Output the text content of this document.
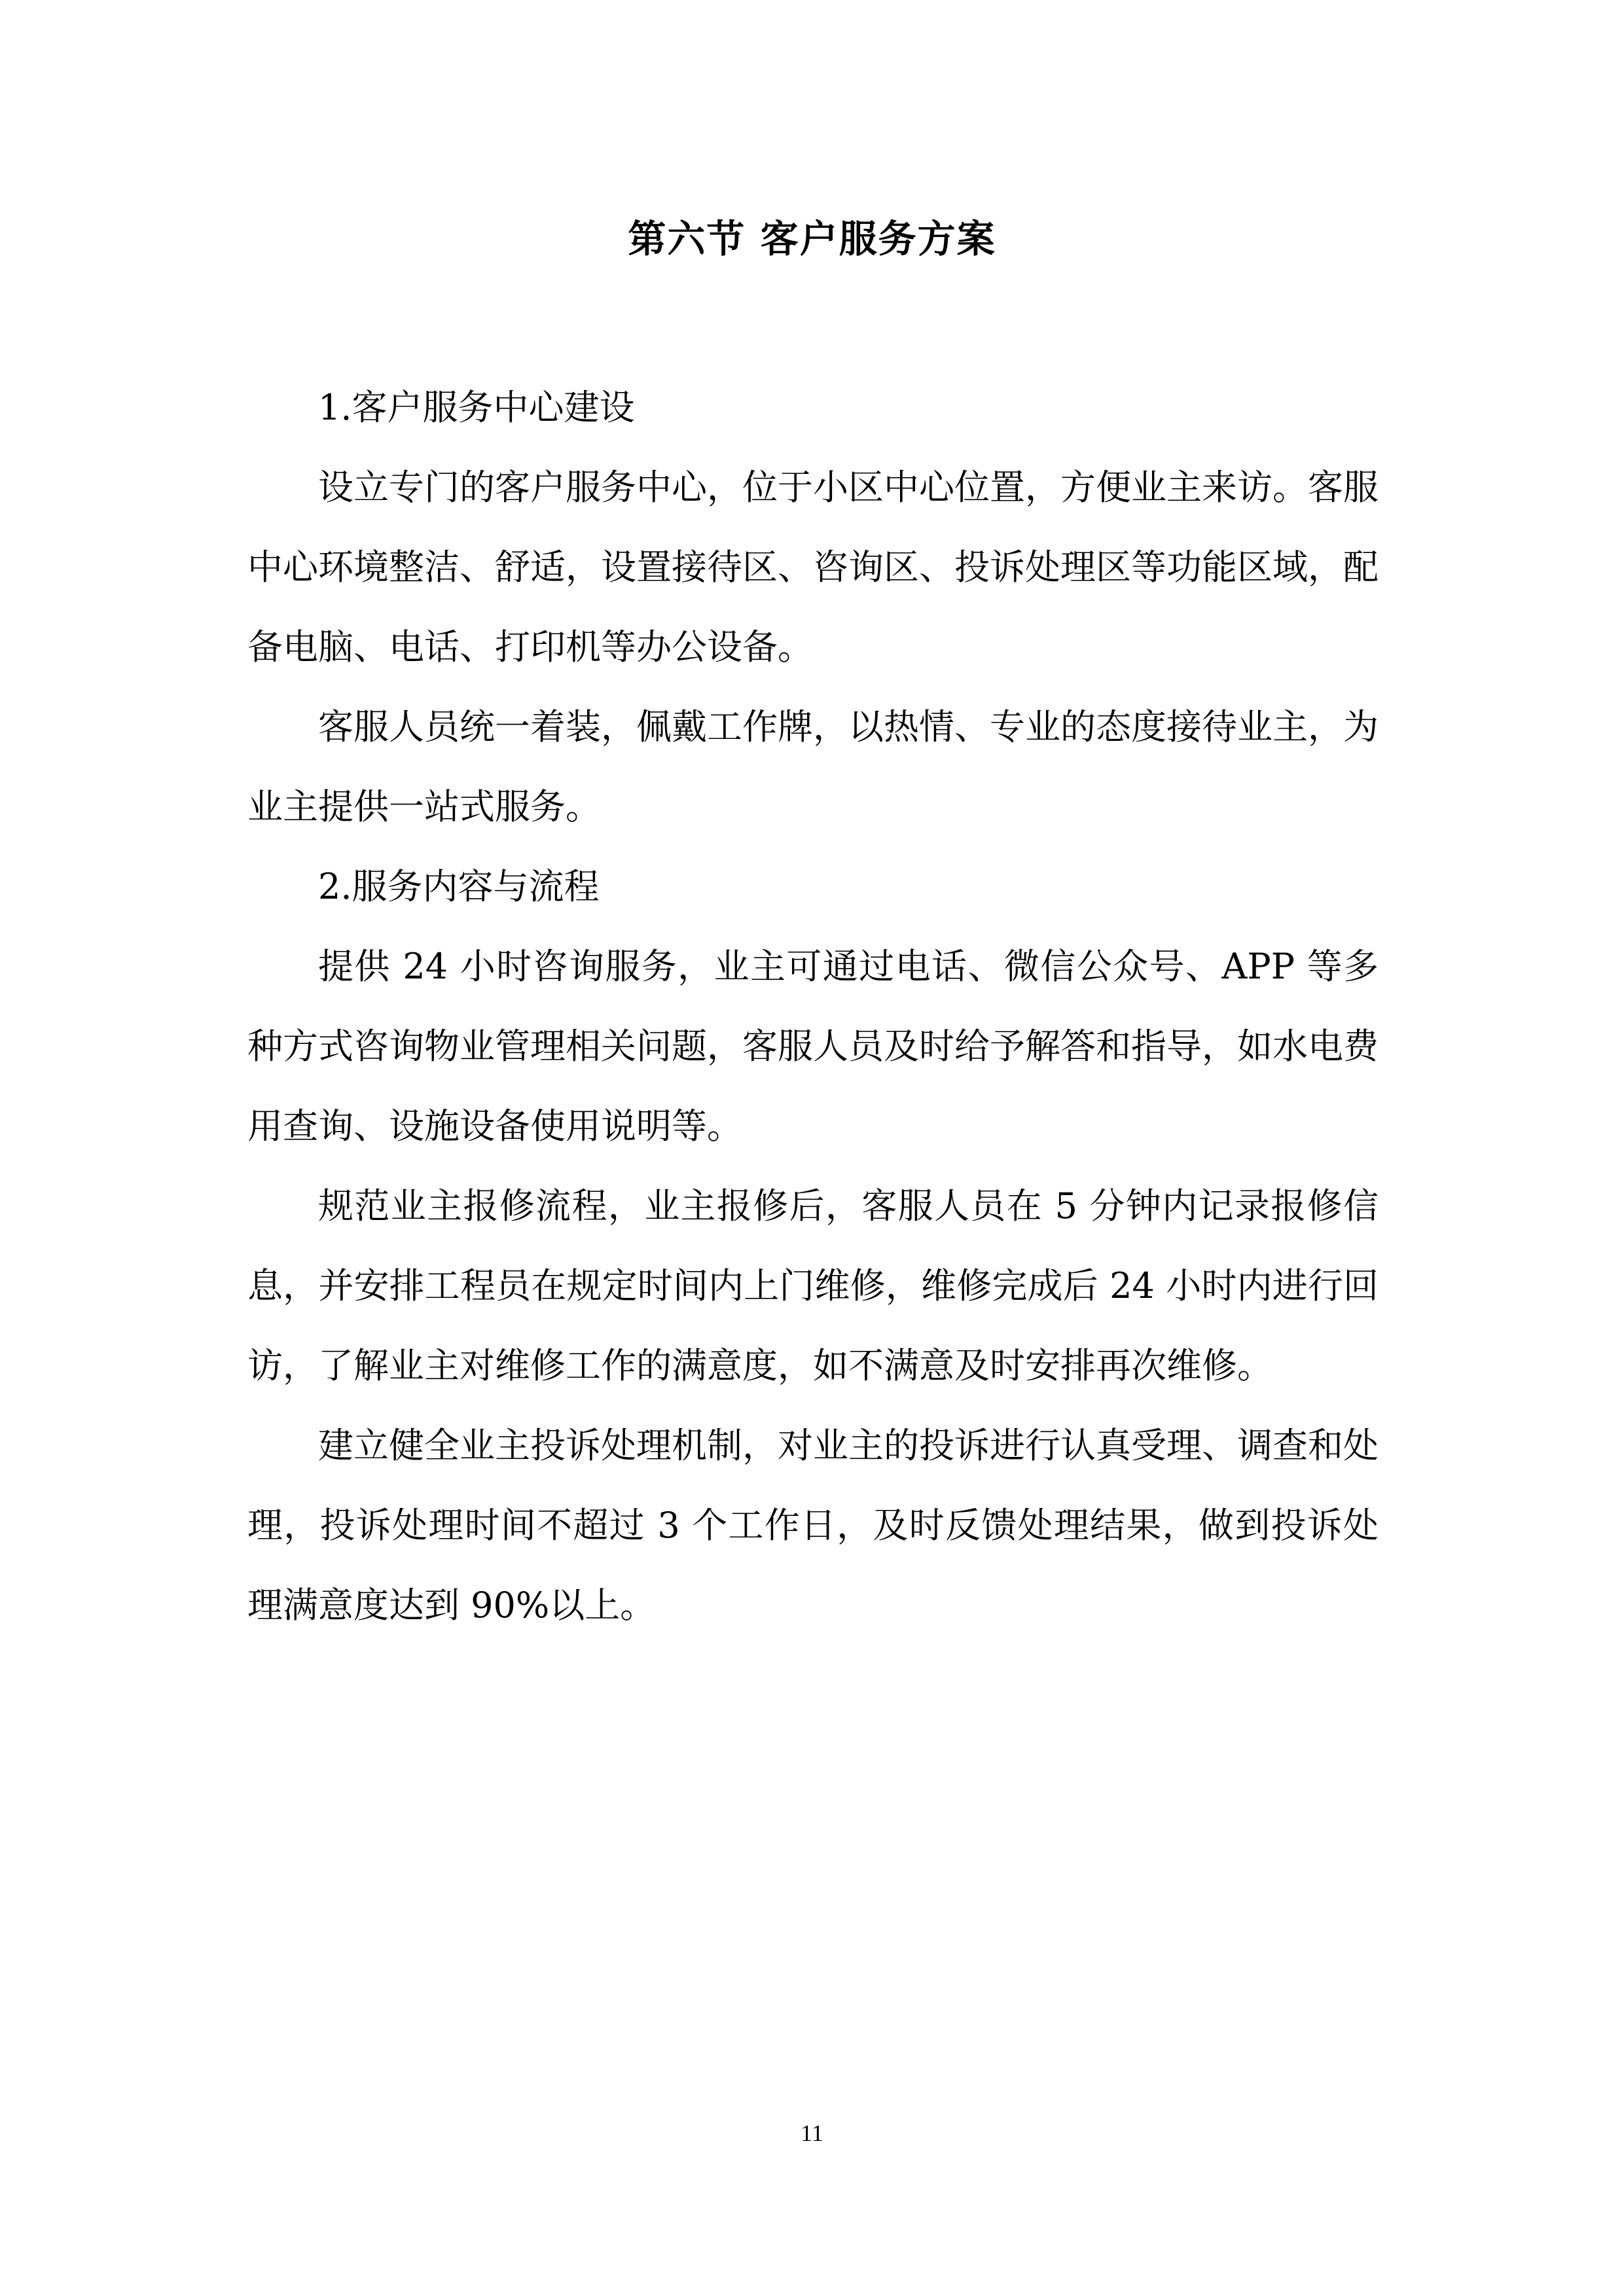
第六节 客户服务方案

1.客户服务中心建设

设立专门的客户服务中心，位于小区中心位置，方便业主来访。客服中心环境整洁、舒适，设置接待区、咨询区、投诉处理区等功能区域，配备电脑、电话、打印机等办公设备。

客服人员统一着装，佩戴工作牌，以热情、专业的态度接待业主，为业主提供一站式服务。

2.服务内容与流程

提供 24 小时咨询服务，业主可通过电话、微信公众号、APP 等多种方式咨询物业管理相关问题，客服人员及时给予解答和指导，如水电费用查询、设施设备使用说明等。

规范业主报修流程，业主报修后，客服人员在 5 分钟内记录报修信息，并安排工程员在规定时间内上门维修，维修完成后 24 小时内进行回访，了解业主对维修工作的满意度，如不满意及时安排再次维修。

建立健全业主投诉处理机制，对业主的投诉进行认真受理、调查和处理，投诉处理时间不超过 3 个工作日，及时反馈处理结果，做到投诉处理满意度达到 90%以上。

11
